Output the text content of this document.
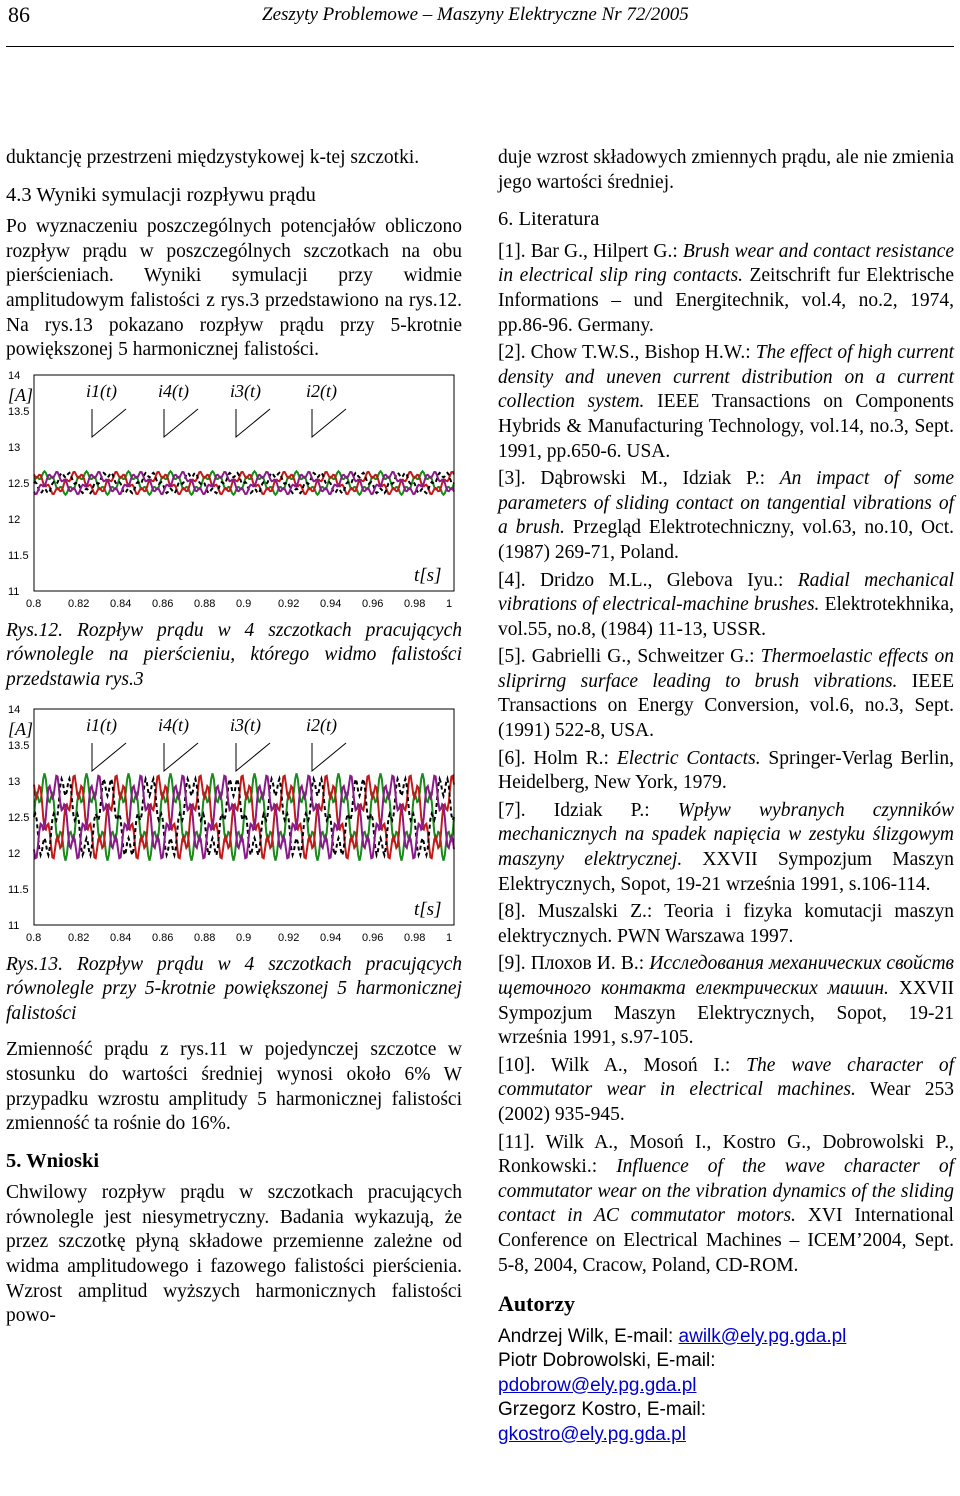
86	Zeszyty Problemowe – Maszyny Elektryczne Nr 72/2005

duktancję przestrzeni międzystykowej k-tej szczotki.

4.3 Wyniki symulacji rozpływu prądu

Po wyznaczeniu poszczególnych potencjałów obliczono rozpływ prądu w poszczególnych szczotkach na obu pierścieniach. Wyniki symulacji przy widmie amplitudowym falistości z rys.3 przedstawiono na rys.12. Na rys.13 pokazano rozpływ prądu przy 5-krotnie powiększonej 5 harmonicznej falistości.

14
13.5
13
12.5
12
11.5
11
0.8 0.82 0.84 0.86 0.88 0.9 0.92 0.94 0.96 0.98 1
[A]
t[s]
i1(t) i4(t) i3(t)	i2(t)

Rys.12. Rozpływ prądu w 4 szczotkach pracujących równolegle na pierścieniu, którego widmo falistości przedstawia rys.3

14
13.5
13
12.5
12
11.5
11
0.8 0.82 0.84 0.86 0.88 0.9 0.92 0.94 0.96 0.98 1
[A]
t[s]
i1(t) i4(t) i3(t)	i2(t)

Rys.13. Rozpływ prądu w 4 szczotkach pracujących równolegle przy 5-krotnie powiększonej 5 harmonicznej falistości

Zmienność prądu z rys.11 w pojedynczej szczotce w stosunku do wartości średniej wynosi około 6% W przypadku wzrostu amplitudy 5 harmonicznej falistości zmienność ta rośnie do 16%.

5. Wnioski

Chwilowy rozpływ prądu w szczotkach pracujących równolegle jest niesymetryczny. Badania wykazują, że przez szczotkę płyną składowe przemienne zależne od widma amplitudowego i fazowego falistości pierścienia. Wzrost amplitud wyższych harmonicznych falistości powo-

duje wzrost składowych zmiennych prądu, ale nie zmienia jego wartości średniej.

6. Literatura

[1]. Bar G., Hilpert G.: Brush wear and contact resistance in electrical slip ring contacts. Zeitschrift fur Elektrische Informations – und Energitechnik, vol.4, no.2, 1974, pp.86-96. Germany.

[2]. Chow T.W.S., Bishop H.W.: The effect of high current density and uneven current distribution on a current collection system. IEEE Transactions on Components Hybrids & Manufacturing Technology, vol.14, no.3, Sept. 1991, pp.650-6. USA.

[3]. Dąbrowski M., Idziak P.: An impact of some parameters of sliding contact on tangential vibrations of a brush. Przegląd Elektrotechniczny, vol.63, no.10, Oct. (1987) 269-71, Poland.

[4]. Dridzo M.L., Glebova Iyu.: Radial mechanical vibrations of electrical-machine brushes. Elektrotekhnika, vol.55, no.8, (1984) 11-13, USSR.

[5]. Gabrielli G., Schweitzer G.: Thermoelastic effects on sliprirng surface leading to brush vibrations. IEEE Transactions on Energy Conversion, vol.6, no.3, Sept. (1991) 522-8, USA.

[6]. Holm R.: Electric Contacts. Springer-Verlag Berlin, Heidelberg, New York, 1979.

[7]. Idziak P.: Wpływ wybranych czynników mechanicznych na spadek napięcia w zestyku ślizgowym maszyny elektrycznej. XXVII Sympozjum Maszyn Elektrycznych, Sopot, 19-21 września 1991, s.106-114.

[8]. Muszalski Z.: Teoria i fizyka komutacji maszyn elektrycznych. PWN Warszawa 1997.

[9]. Плохов И. В.: Исследования механических свойств щеточного контакта електрических машин. XXVII Sympozjum Maszyn Elektrycznych, Sopot, 19-21 września 1991, s.97-105.

[10]. Wilk A., Mosoń I.: The wave character of commutator wear in electrical machines. Wear 253 (2002) 935-945.

[11]. Wilk A., Mosoń I., Kostro G., Dobrowolski P., Ronkowski.: Influence of the wave character of commutator wear on the vibration dynamics of the sliding contact in AC commutator motors. XVI International Conference on Electrical Machines – ICEM’2004, Sept. 5-8, 2004, Cracow, Poland, CD-ROM.

Autorzy
Andrzej Wilk, E-mail: awilk@ely.pg.gda.pl
Piotr Dobrowolski, E-mail:
pdobrow@ely.pg.gda.pl
Grzegorz Kostro, E-mail:
gkostro@ely.pg.gda.pl
